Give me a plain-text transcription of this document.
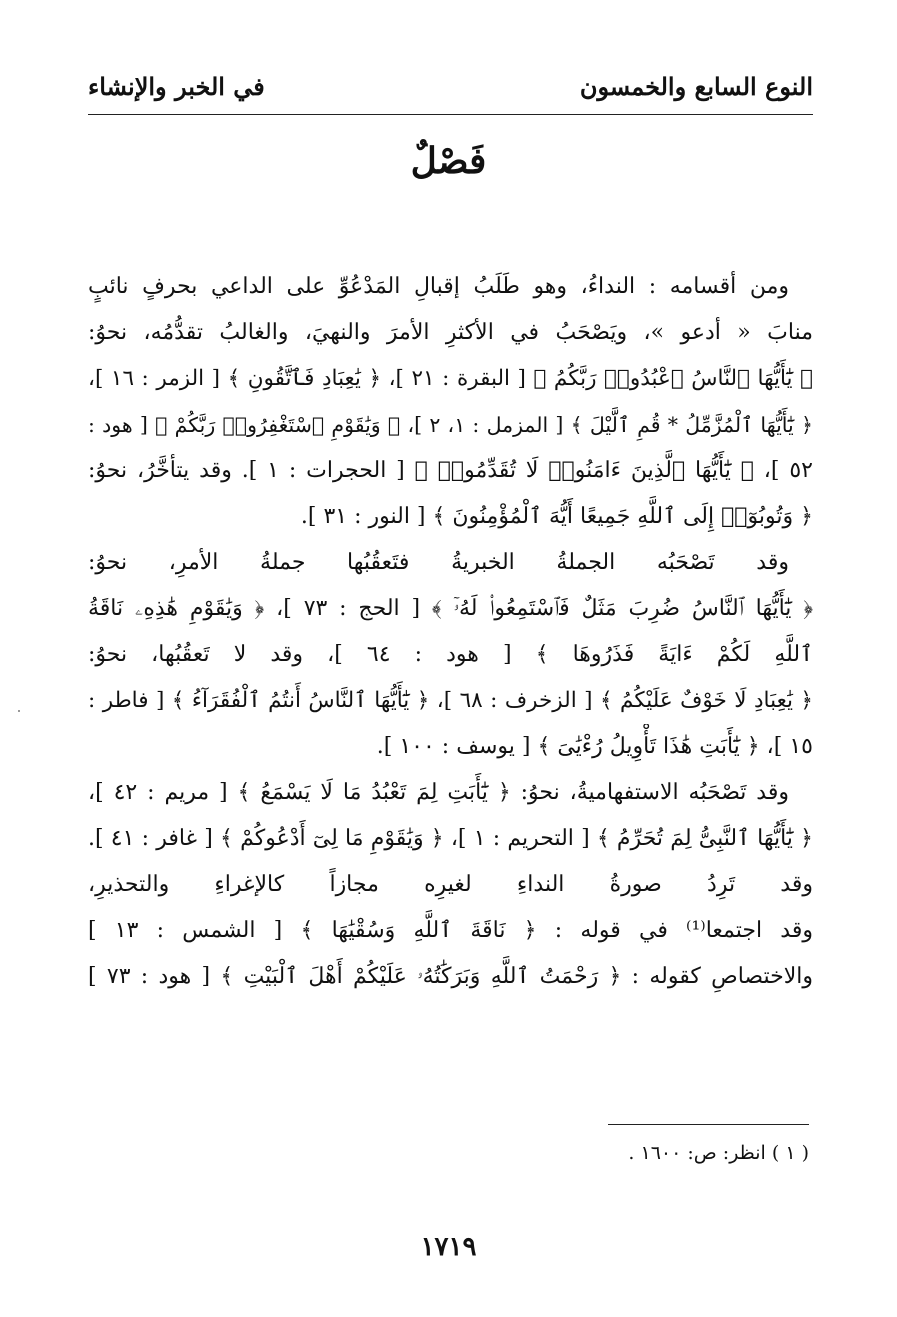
النوع السابع والخمسون
في الخبر والإنشاء
فَصْلٌ
ومن أقسامه : النداءُ، وهو طَلَبُ إقبالِ المَدْعُوِّ على الداعي بحرفٍ نائبٍ
منابَ « أدعو »، ويَصْحَبُ في الأكثرِ الأمرَ والنهيَ، والغالبُ تقدُّمُه، نحوُ:
﴿ يَٰٓأَيُّهَا ٱلنَّاسُ ٱعْبُدُوا۟ رَبَّكُمُ ﴾ [ البقرة : ٢١ ]، ﴿ يَٰعِبَادِ فَٱتَّقُونِ ﴾ [ الزمر : ١٦ ]،
﴿ يَٰٓأَيُّهَا ٱلْمُزَّمِّلُ * قُمِ ٱلَّيْلَ ﴾ [ المزمل : ١، ٢ ]، ﴿ وَيَٰقَوْمِ ٱسْتَغْفِرُوا۟ رَبَّكُمْ ﴾ [ هود :
٥٢ ]، ﴿ يَٰٓأَيُّهَا ٱلَّذِينَ ءَامَنُوا۟ لَا تُقَدِّمُوا۟ ﴾ [ الحجرات : ١ ]. وقد يتأخَّرُ، نحوُ:
﴿ وَتُوبُوٓا۟ إِلَى ٱللَّهِ جَمِيعًا أَيُّهَ ٱلْمُؤْمِنُونَ ﴾ [ النور : ٣١ ].
وقد تَصْحَبُه الجملةُ الخبريةُ فتَعقُبُها جملةُ الأمرِ، نحوُ:
﴿ يَٰٓأَيُّهَا ٱلنَّاسُ ضُرِبَ مَثَلٌ فَٱسْتَمِعُوا۟ لَهُۥٓ ﴾ [ الحج : ٧٣ ]، ﴿ وَيَٰقَوْمِ هَٰذِهِۦ نَاقَةُ
ٱللَّهِ لَكُمْ ءَايَةً فَذَرُوهَا ﴾ [ هود : ٦٤ ]، وقد لا تَعقُبُها، نحوُ:
﴿ يَٰعِبَادِ لَا خَوْفٌ عَلَيْكُمُ ﴾ [ الزخرف : ٦٨ ]، ﴿ يَٰٓأَيُّهَا ٱلنَّاسُ أَنتُمُ ٱلْفُقَرَآءُ ﴾ [ فاطر :
١٥ ]، ﴿ يَٰٓأَبَتِ هَٰذَا تَأْوِيلُ رُءْيَٰىَ ﴾ [ يوسف : ١٠٠ ].
وقد تَصْحَبُه الاستفهاميةُ، نحوُ: ﴿ يَٰٓأَبَتِ لِمَ تَعْبُدُ مَا لَا يَسْمَعُ ﴾ [ مريم : ٤٢ ]،
﴿ يَٰٓأَيُّهَا ٱلنَّبِىُّ لِمَ تُحَرِّمُ ﴾ [ التحريم : ١ ]، ﴿ وَيَٰقَوْمِ مَا لِىٓ أَدْعُوكُمْ ﴾ [ غافر : ٤١ ].
وقد تَرِدُ صورةُ النداءِ لغيرِه مجازاً كالإغراءِ والتحذيرِ،
وقد اجتمعا⁽¹⁾ في قوله : ﴿ نَاقَةَ ٱللَّهِ وَسُقْيَٰهَا ﴾ [ الشمس : ١٣ ]
والاختصاصِ كقوله : ﴿ رَحْمَتُ ٱللَّهِ وَبَرَكَٰتُهُۥ عَلَيْكُمْ أَهْلَ ٱلْبَيْتِ ﴾ [ هود : ٧٣ ]
( ١ ) انظر: ص: ١٦٠٠ .
١٧١٩
